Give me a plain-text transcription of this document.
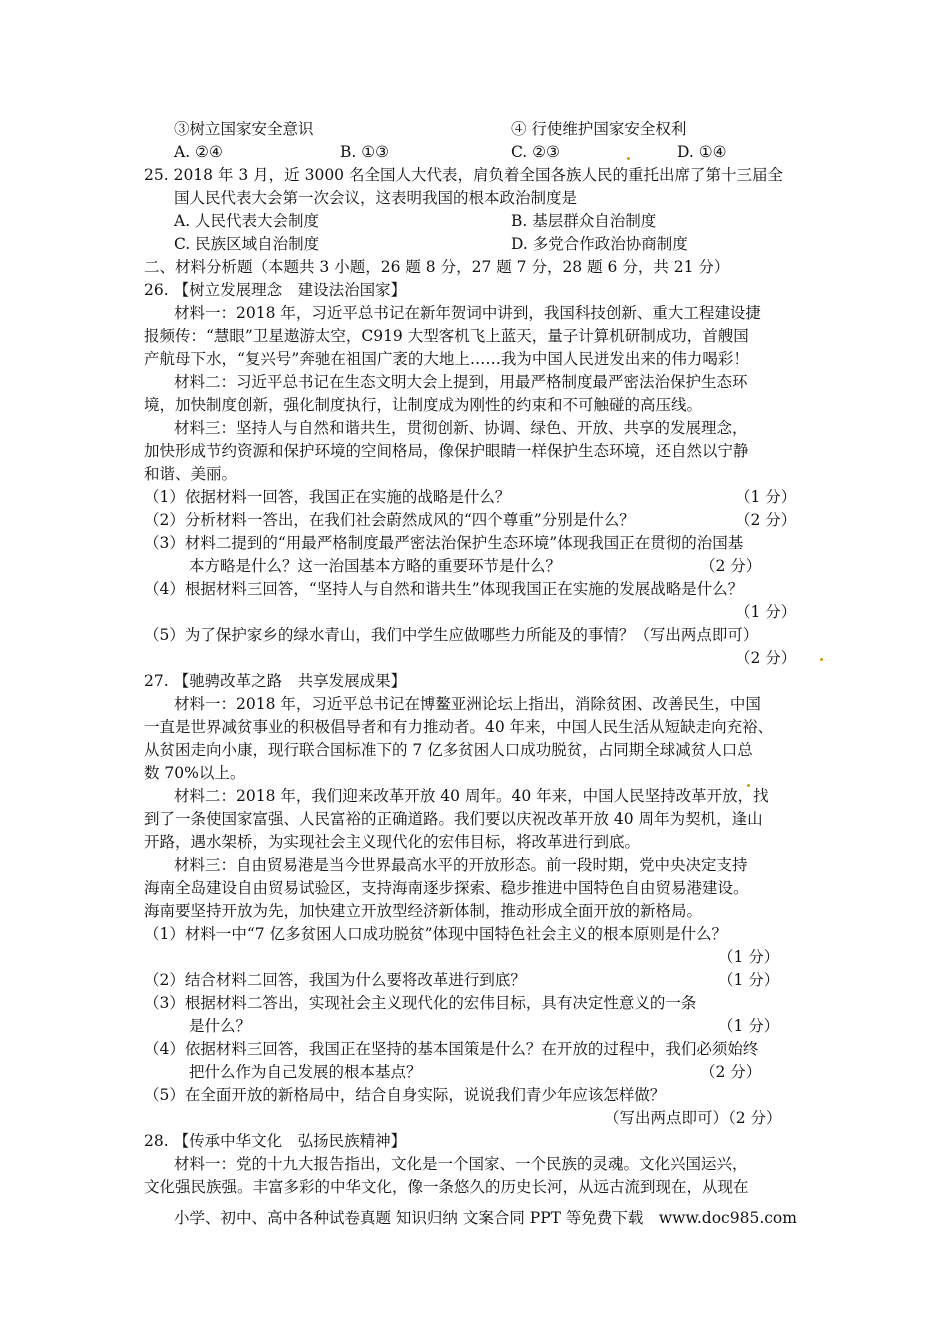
③树立国家安全意识	④ 行使维护国家安全权利
A. ②④	B. ①③	C. ②③	D. ①④
25. 2018 年 3 月，近 3000 名全国人大代表，肩负着全国各族人民的重托出席了第十三届全
国人民代表大会第一次会议，这表明我国的根本政治制度是
A. 人民代表大会制度	B. 基层群众自治制度
C. 民族区域自治制度	D. 多党合作政治协商制度
二、材料分析题（本题共 3 小题，26 题 8 分，27 题 7 分，28 题 6 分，共 21 分）
26. 【树立发展理念　建设法治国家】
材料一：2018 年，习近平总书记在新年贺词中讲到，我国科技创新、重大工程建设捷
报频传：“慧眼”卫星遨游太空，C919 大型客机飞上蓝天，量子计算机研制成功，首艘国
产航母下水，“复兴号”奔驰在祖国广袤的大地上……我为中国人民迸发出来的伟力喝彩！
材料二：习近平总书记在生态文明大会上提到，用最严格制度最严密法治保护生态环
境，加快制度创新，强化制度执行，让制度成为刚性的约束和不可触碰的高压线。
材料三：坚持人与自然和谐共生，贯彻创新、协调、绿色、开放、共享的发展理念，
加快形成节约资源和保护环境的空间格局，像保护眼睛一样保护生态环境，还自然以宁静
和谐、美丽。
（1）依据材料一回答，我国正在实施的战略是什么？	（1 分）
（2）分析材料一答出，在我们社会蔚然成风的“四个尊重”分别是什么？	（2 分）
（3）材料二提到的“用最严格制度最严密法治保护生态环境”体现我国正在贯彻的治国基
本方略是什么？这一治国基本方略的重要环节是什么？	（2 分）
（4）根据材料三回答，“坚持人与自然和谐共生”体现我国正在实施的发展战略是什么？
（1 分）
（5）为了保护家乡的绿水青山，我们中学生应做哪些力所能及的事情？（写出两点即可）
（2 分）
27. 【驰骋改革之路　共享发展成果】
材料一：2018 年，习近平总书记在博鳌亚洲论坛上指出，消除贫困、改善民生，中国
一直是世界减贫事业的积极倡导者和有力推动者。40 年来，中国人民生活从短缺走向充裕、
从贫困走向小康，现行联合国标准下的 7 亿多贫困人口成功脱贫，占同期全球减贫人口总
数 70%以上。
材料二：2018 年，我们迎来改革开放 40 周年。40 年来，中国人民坚持改革开放，找
到了一条使国家富强、人民富裕的正确道路。我们要以庆祝改革开放 40 周年为契机，逢山
开路，遇水架桥，为实现社会主义现代化的宏伟目标，将改革进行到底。
材料三：自由贸易港是当今世界最高水平的开放形态。前一段时期，党中央决定支持
海南全岛建设自由贸易试验区，支持海南逐步探索、稳步推进中国特色自由贸易港建设。
海南要坚持开放为先，加快建立开放型经济新体制，推动形成全面开放的新格局。
（1）材料一中“7 亿多贫困人口成功脱贫”体现中国特色社会主义的根本原则是什么？
（1 分）
（2）结合材料二回答，我国为什么要将改革进行到底？	（1 分）
（3）根据材料二答出，实现社会主义现代化的宏伟目标，具有决定性意义的一条
是什么？	（1 分）
（4）依据材料三回答，我国正在坚持的基本国策是什么？在开放的过程中，我们必须始终
把什么作为自己发展的根本基点？	（2 分）
（5）在全面开放的新格局中，结合自身实际，说说我们青少年应该怎样做？
（写出两点即可）（2 分）
28. 【传承中华文化　弘扬民族精神】
材料一：党的十九大报告指出，文化是一个国家、一个民族的灵魂。文化兴国运兴，
文化强民族强。丰富多彩的中华文化，像一条悠久的历史长河，从远古流到现在，从现在
小学、初中、高中各种试卷真题 知识归纳 文案合同 PPT 等免费下载　www.doc985.com
